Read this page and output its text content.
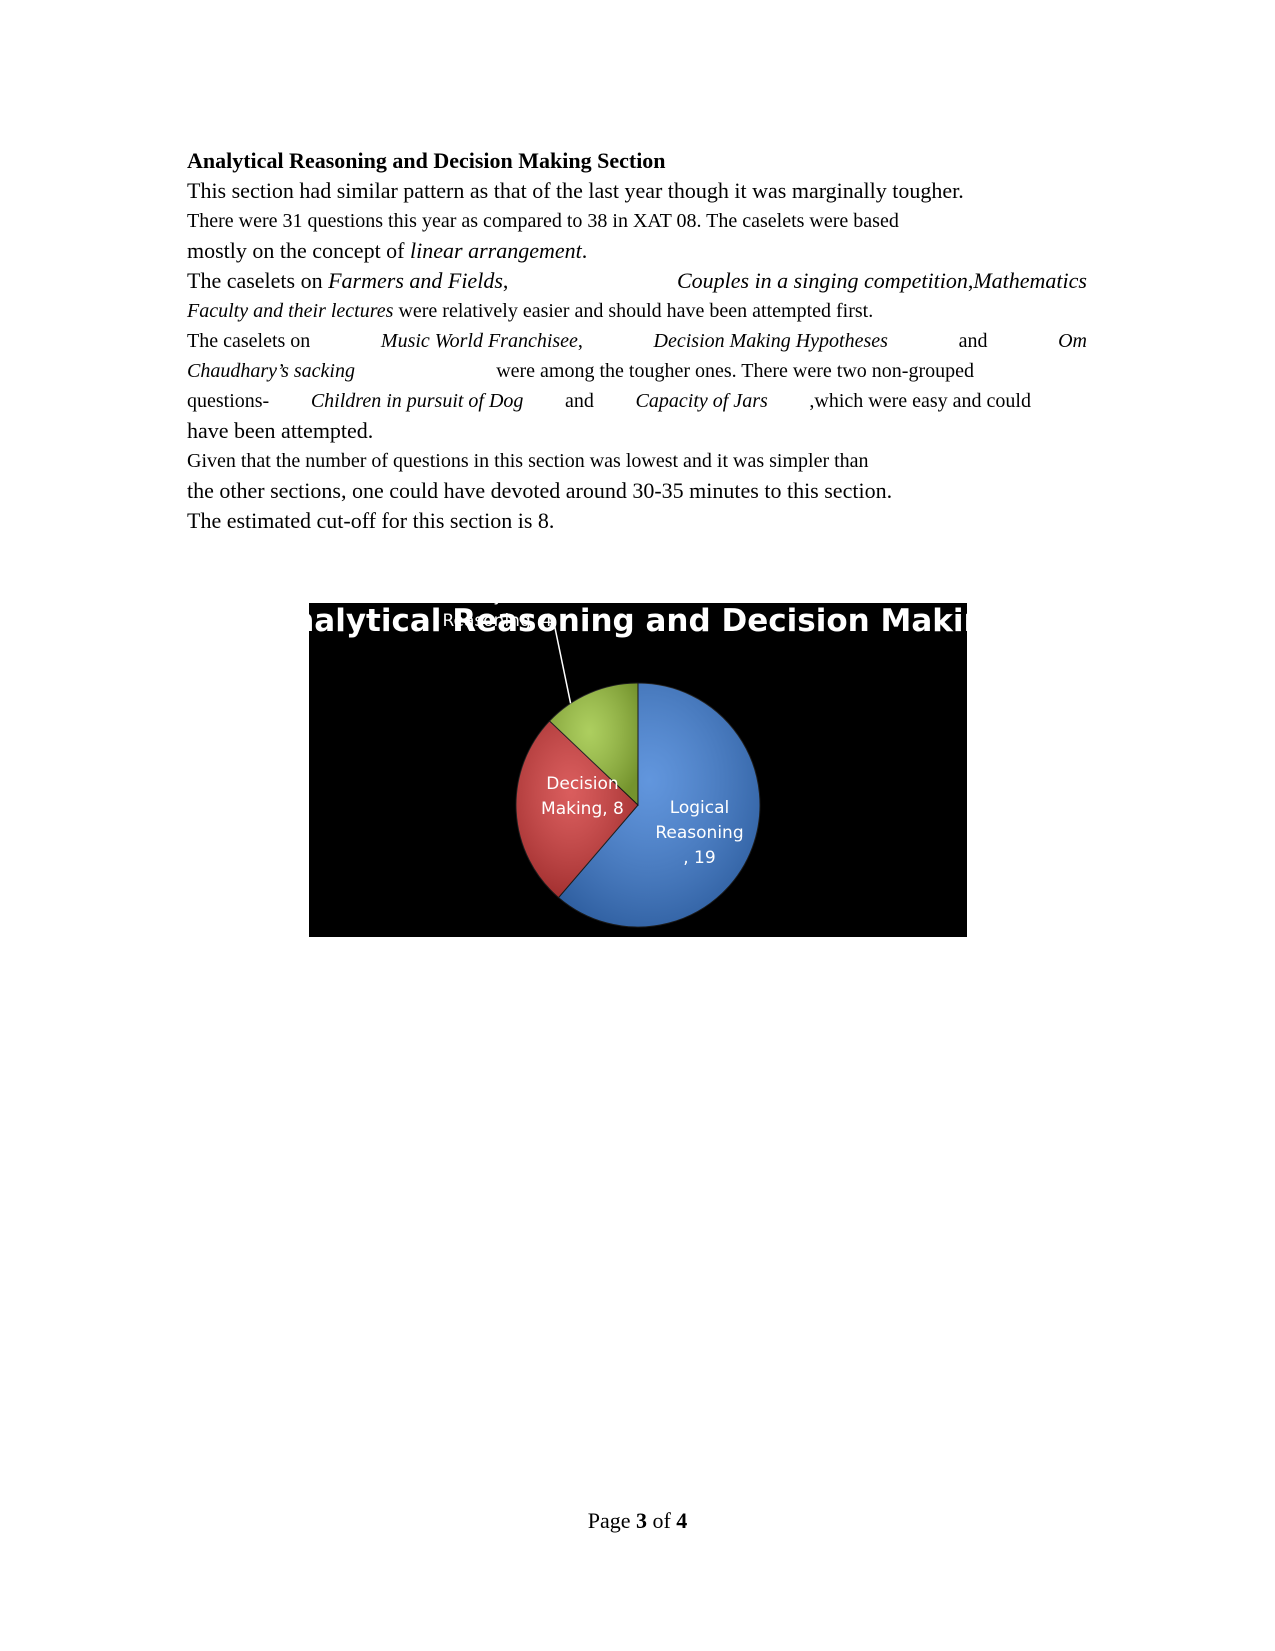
Analytical Reasoning and Decision Making Section
This section had similar pattern as that of the last year though it was marginally tougher.
There were 31 questions this year as compared to 38 in XAT 08. The caselets were based
mostly on the concept of linear arrangement.
The caselets on Farmers and Fields,	Couples in a singing competition,Mathematics
Faculty and their lectures were relatively easier and should have been attempted first.
The caselets on	Music World Franchisee,	Decision Making Hypotheses	and	Om
Chaudhary’s sacking	were among the tougher ones. There were two non-grouped
questions- Children in pursuit of Dog and Capacity of Jars ,which were easy and could
have been attempted.
Given that the number of questions in this section was lowest and it was simpler than
the other sections, one could have devoted around 30-35 minutes to this section.
The estimated cut-off for this section is 8.
alytical Reasoning and Decision Maki
Logical Reasoning , 19
Decision Making, 8
Reasoning, 4
Page 3 of 4
